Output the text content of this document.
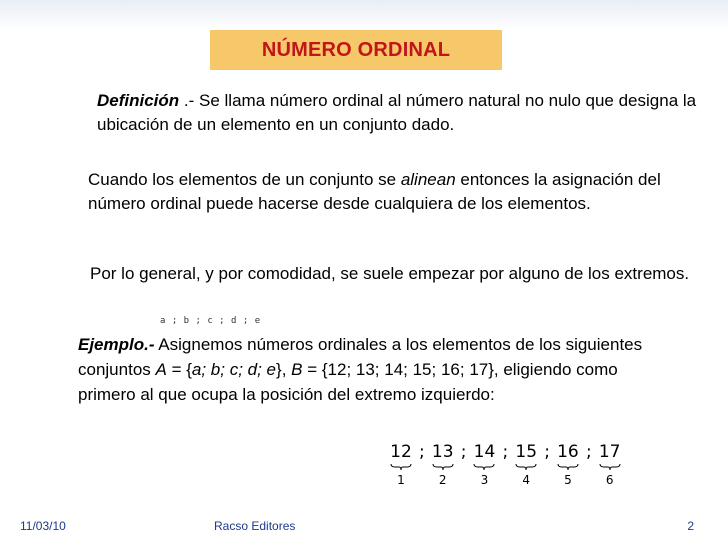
NÚMERO ORDINAL

Definición .- Se llama número ordinal al número natural no nulo que designa la ubicación de un elemento en un conjunto dado.

Cuando los elementos de un conjunto se alinean entonces la asignación del número ordinal puede hacerse desde cualquiera de los elementos.

Por lo general, y por comodidad, se suele empezar por alguno de los extremos.

a ; b ; c ; d ; e

Ejemplo.- Asignemos números ordinales a los elementos de los siguientes conjuntos A = {a; b; c; d; e}, B = {12; 13; 14; 15; 16; 17}, eligiendo como primero al que ocupa la posición del extremo izquierdo:

12
1
; 13
2
; 14
3
; 15
4
; 16
5
; 17
6
11/03/10	Racso Editores	2
